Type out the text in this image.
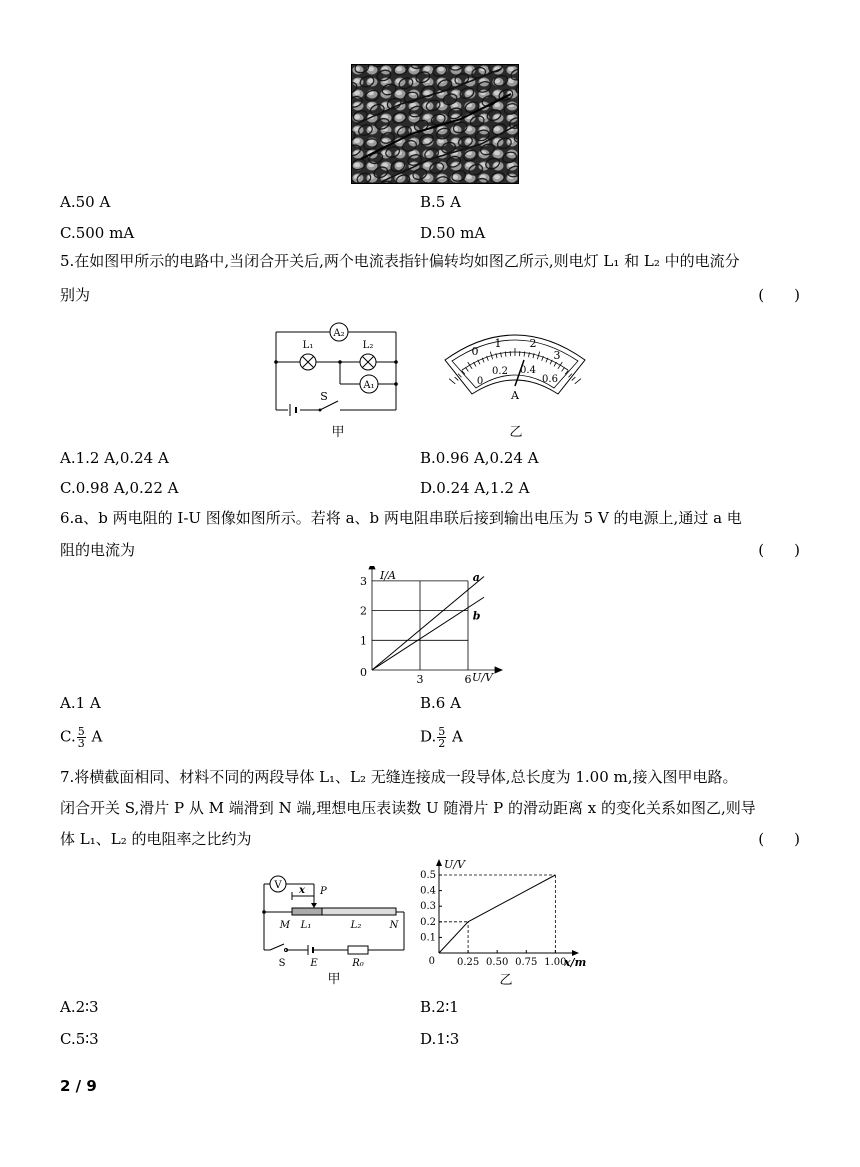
A.50 A	B.5 A
C.500 mA	D.50 mA
5.在如图甲所示的电路中,当闭合开关后,两个电流表指针偏转均如图乙所示,则电灯 L₁ 和 L₂ 中的电流分
别为	(　　)
A₂
L₁	L₂
A₁
S
甲
0
1	2
3
0
0.2 0.4
0.6
A
乙
A.1.2 A,0.24 A	B.0.96 A,0.24 A
C.0.98 A,0.22 A	D.0.24 A,1.2 A
6.a、b 两电阻的 I-U 图像如图所示。若将 a、b 两电阻串联后接到输出电压为 5 V 的电源上,通过 a 电
阻的电流为	(　　)
I/A
U/V
0
1
2
3
3	6
a
b
A.1 A	B.6 A
C. $\frac{5}{3}$ A	D. $\frac{5}{2}$ A
7.将横截面相同、材料不同的两段导体 L₁、L₂ 无缝连接成一段导体,总长度为 1.00 m,接入图甲电路。
闭合开关 S,滑片 P 从 M 端滑到 N 端,理想电压表读数 U 随滑片 P 的滑动距离 x 的变化关系如图乙,则导
体 L₁、L₂ 的电阻率之比约为	(　　)
V x P
M L₁	L₂	N
S E	R₀
甲
U/V
x/m
0
0.1
0.2
0.3
0.4
0.5
0.25 0.50 0.75 1.00
乙
A.2∶3	B.2∶1
C.5∶3	D.1∶3
2 / 9
